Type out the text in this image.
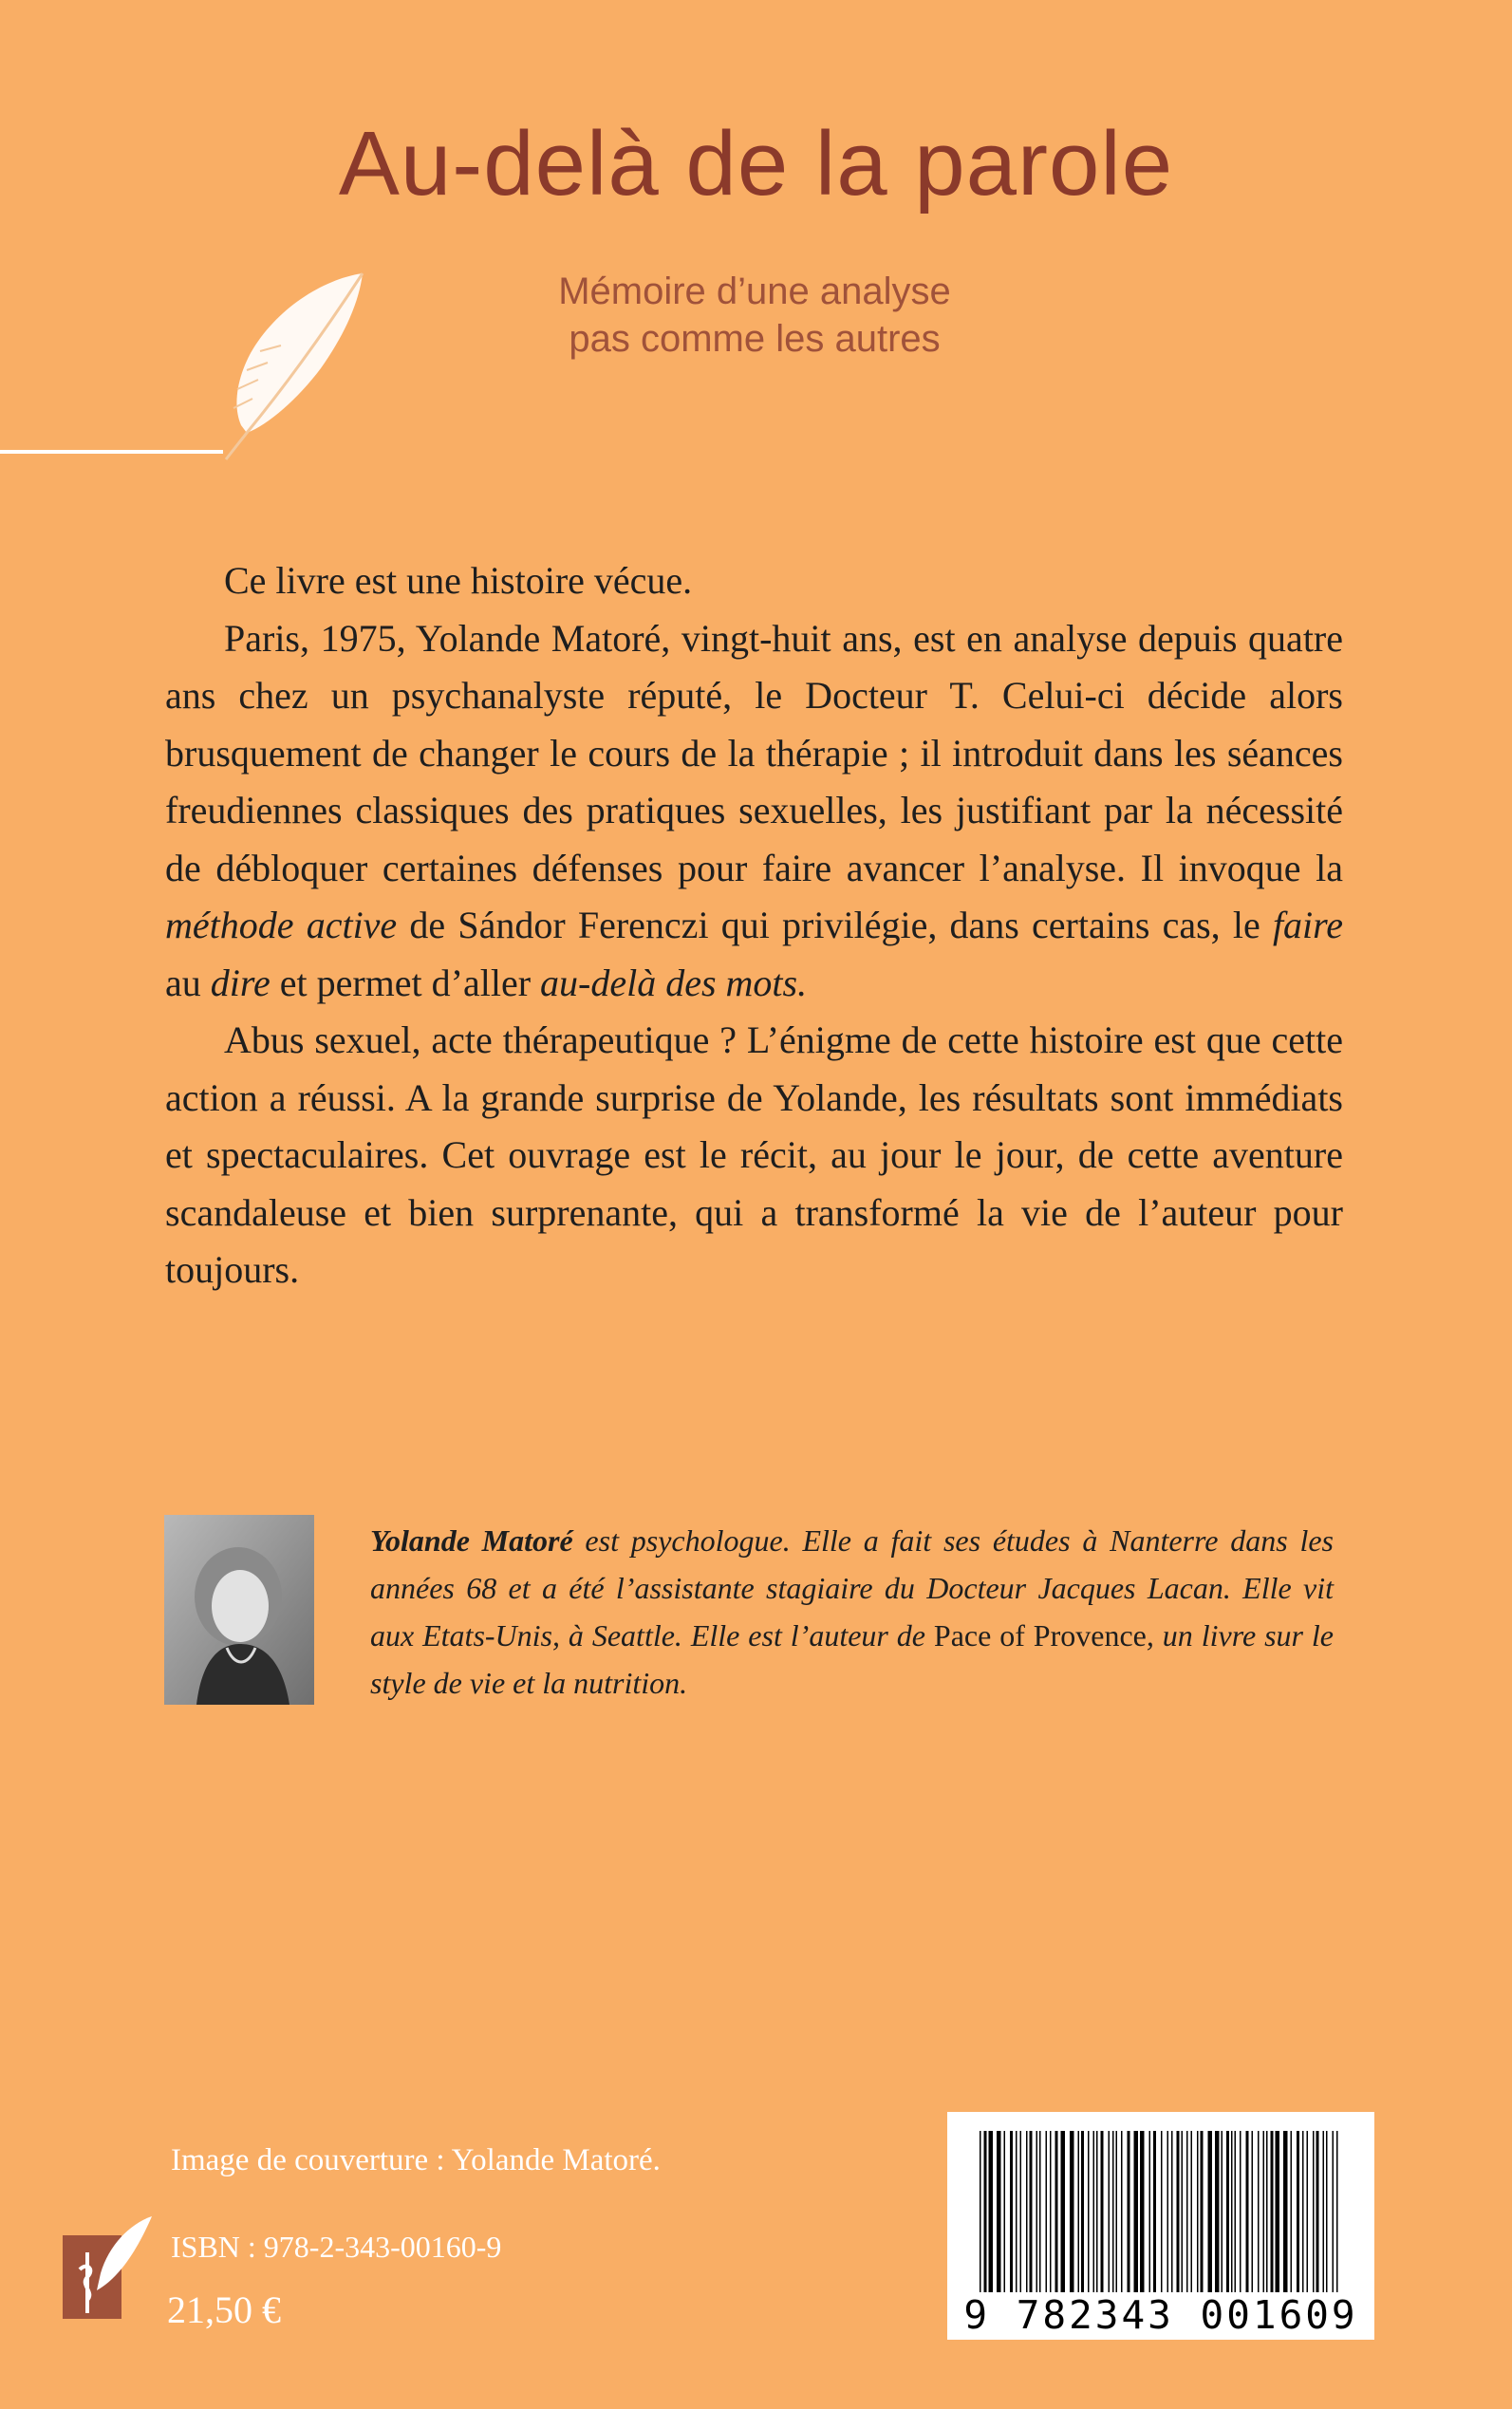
Au-delà de la parole
Mémoire d’une analyse
pas comme les autres

Ce livre est une histoire vécue.

Paris, 1975, Yolande Matoré, vingt-huit ans, est en analyse depuis quatre ans chez un psychanalyste réputé, le Docteur T. Celui-ci décide alors brusquement de changer le cours de la thérapie ; il introduit dans les séances freudiennes classiques des pratiques sexuelles, les justifiant par la nécessité de débloquer certaines défenses pour faire avancer l’analyse. Il invoque la méthode active de Sándor Ferenczi qui privilégie, dans certains cas, le faire au dire et permet d’aller au-delà des mots.

Abus sexuel, acte thérapeutique ? L’énigme de cette histoire est que cette action a réussi. A la grande surprise de Yolande, les résultats sont immédiats et spectaculaires. Cet ouvrage est le récit, au jour le jour, de cette aventure scandaleuse et bien surprenante, qui a transformé la vie de l’auteur pour toujours.

Yolande Matoré est psychologue. Elle a fait ses études à Nanterre dans les années 68 et a été l’assistante stagiaire du Docteur Jacques Lacan. Elle vit aux Etats-Unis, à Seattle. Elle est l’auteur de Pace of Provence, un livre sur le style de vie et la nutrition.
Image de couverture : Yolande Matoré.
ISBN : 978-2-343-00160-9
21,50 €	9 782343 001609
